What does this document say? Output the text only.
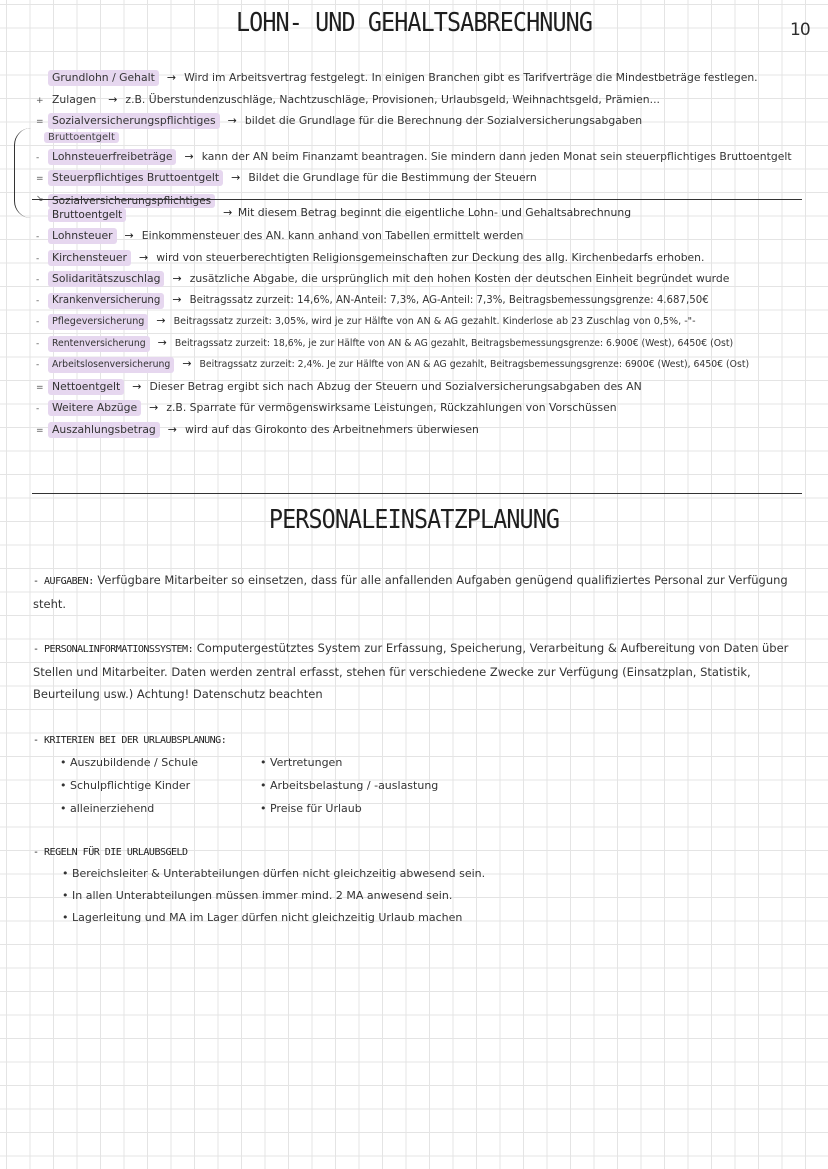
10
LOHN- UND GEHALTSABRECHNUNG
Grundlohn / Gehalt	→ Wird im Arbeitsvertrag festgelegt. In einigen Branchen gibt es Tarifverträge die Mindestbeträge festlegen.
+ Zulagen	→ z.B. Überstundenzuschläge, Nachtzuschläge, Provisionen, Urlaubsgeld, Weihnachtsgeld, Prämien...
= Sozialversicherungspflichtiges	→ bildet die Grundlage für die Berechnung der Sozialversicherungsabgaben
Bruttoentgelt
-	Lohnsteuerfreibeträge	→ kann der AN beim Finanzamt beantragen. Sie mindern dann jeden Monat sein steuerpflichtiges Bruttoentgelt
= Steuerpflichtiges Bruttoentgelt	→ Bildet die Grundlage für die Bestimmung der Steuern
↘ Sozialversicherungspflichtiges
Bruttoentgelt	→ Mit diesem Betrag beginnt die eigentliche Lohn- und Gehaltsabrechnung
-	Lohnsteuer	→ Einkommensteuer des AN. kann anhand von Tabellen ermittelt werden
-	Kirchensteuer	→ wird von steuerberechtigten Religionsgemeinschaften zur Deckung des allg. Kirchenbedarfs erhoben.
-	Solidaritätszuschlag	→ zusätzliche Abgabe, die ursprünglich mit den hohen Kosten der deutschen Einheit begründet wurde
-	Krankenversicherung	→ Beitragssatz zurzeit: 14,6%, AN-Anteil: 7,3%, AG-Anteil: 7,3%, Beitragsbemessungsgrenze: 4.687,50€
-	Pflegeversicherung	→ Beitragssatz zurzeit: 3,05%, wird je zur Hälfte von AN & AG gezahlt. Kinderlose ab 23 Zuschlag von 0,5%, -"-
-	Rentenversicherung	→ Beitragssatz zurzeit: 18,6%, je zur Hälfte von AN & AG gezahlt, Beitragsbemessungsgrenze: 6.900€ (West), 6450€ (Ost)
-	Arbeitslosenversicherung	→ Beitragssatz zurzeit: 2,4%. Je zur Hälfte von AN & AG gezahlt, Beitragsbemessungsgrenze: 6900€ (West), 6450€ (Ost)
= Nettoentgelt	→ Dieser Betrag ergibt sich nach Abzug der Steuern und Sozialversicherungsabgaben des AN
-	Weitere Abzüge	→ z.B. Sparrate für vermögenswirksame Leistungen, Rückzahlungen von Vorschüssen
= Auszahlungsbetrag	→ wird auf das Girokonto des Arbeitnehmers überwiesen
PERSONALEINSATZPLANUNG
- AUFGABEN: Verfügbare Mitarbeiter so einsetzen, dass für alle anfallenden Aufgaben genügend qualifiziertes Personal zur Verfügung steht.
- PERSONALINFORMATIONSSYSTEM: Computergestütztes System zur Erfassung, Speicherung, Verarbeitung & Aufbereitung von Daten über Stellen und Mitarbeiter. Daten werden zentral erfasst, stehen für verschiedene Zwecke zur Verfügung (Einsatzplan, Statistik, Beurteilung usw.) Achtung! Datenschutz beachten
- KRITERIEN BEI DER URLAUBSPLANUNG:
• Auszubildende / Schule	• Vertretungen
• Schulpflichtige Kinder	• Arbeitsbelastung / -auslastung
• alleinerziehend	• Preise für Urlaub
- REGELN FÜR DIE URLAUBSGELD
• Bereichsleiter & Unterabteilungen dürfen nicht gleichzeitig abwesend sein.
• In allen Unterabteilungen müssen immer mind. 2 MA anwesend sein.
• Lagerleitung und MA im Lager dürfen nicht gleichzeitig Urlaub machen
